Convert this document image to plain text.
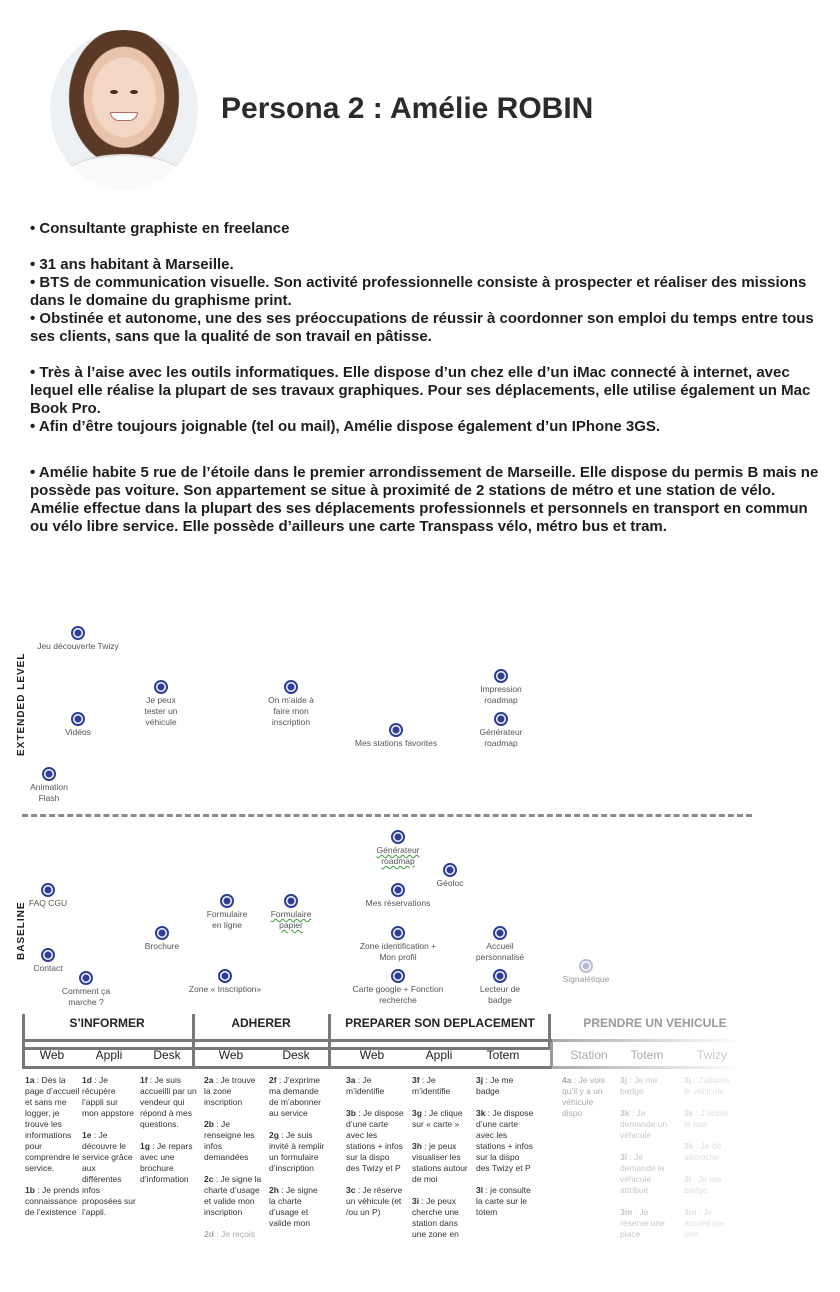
Persona 2 : Amélie ROBIN

• Consultante graphiste en freelance

• 31 ans habitant à Marseille.

• BTS de communication visuelle. Son activité professionnelle consiste à prospecter et réaliser des missions dans le domaine du graphisme print.

• Obstinée et autonome, une des ses préoccupations de réussir à coordonner son emploi du temps entre tous ses clients, sans que la qualité de son travail en pâtisse.

• Très à l’aise avec les outils informatiques. Elle dispose d’un chez elle d’un iMac connecté à internet, avec lequel elle réalise la plupart de ses travaux graphiques. Pour ses déplacements, elle utilise également un Mac Book Pro.

• Afin d’être toujours joignable (tel ou mail), Amélie dispose également d’un IPhone 3GS.

• Amélie habite 5 rue de l’étoile dans le premier arrondissement de Marseille. Elle dispose du permis B mais ne possède pas voiture. Son appartement se situe à proximité de 2 stations de métro et une station de vélo. Amélie effectue dans la plupart des ses déplacements professionnels et personnels en transport en commun ou vélo libre service. Elle possède d’ailleurs une carte Transpass vélo, métro bus et tram.

EXTENDED LEVEL
BASELINE
Jeu découverte Twizy
Je peux tester un véhicule
On m’aide à faire mon inscription
Impression roadmap
Vidéos	Générateur roadmap
Mes stations favorites
Animation Flash
Générateur roadmap
Géoloc
FAQ CGU	Mes réservations
Formulaire en ligne
Formulaire papier
Brochure	Zone identification + Mon profil
Accueil personnalisé
Contact
Signalétique
Comment ça marche ?
Zone « Inscription»	Carte google + Fonction recherche
Lecteur de badge
S’INFORMER	ADHERER	PREPARER SON DEPLACEMENT	PRENDRE UN VEHICULE
Web	Appli	Desk	Web	Desk	Web	Appli	Totem	Station	Totem	Twizy

1a : Dès la page d’accueil et sans me logger, je trouve les informations pour comprendre le service.

1b : Je prends connaissance de l’existence

1d : Je récupère l’appli sur mon appstore

1e : Je découvre le service grâce aux différentes infos proposées sur l’appli.

1f : Je suis accueilli par un vendeur qui répond à mes questions.

1g : Je repars avec une brochure d’information

2a : Je trouve la zone inscription

2b : Je renseigne les infos demandées

2c : Je signe la charte d’usage et valide mon inscription

2d : Je reçois

2f : J’exprime ma demande de m’abonner au service

2g : Je suis invité à remplir un formulaire d’inscription

2h : Je signe la charte d’usage et valide mon

3a : Je m’identifie

3b : Je dispose d’une carte avec les stations + infos sur la dispo des Twizy et P

3c : Je réserve un véhicule (et /ou un P)

3f : Je m’identifie

3g : Je clique sur « carte »

3h : je peux visualiser les stations autour de moi

3i : Je peux cherche une station dans une zone en

3j : Je me badge

3k : Je dispose d’une carte avec les stations + infos sur la dispo des Twizy et P

3l : je consulte la carte sur le totem

4a : Je vois qu’il y a un véhicule dispo

3j : Je me badge

3k : Je demande un véhicule

3l : Je demande le véhicule attribué

3m : Je réserve une place

3j : J’allume le véhicule

3k : J’active le tour

3k : Je dé décroche

3l : Je me badge

3m : Je accueil par une
